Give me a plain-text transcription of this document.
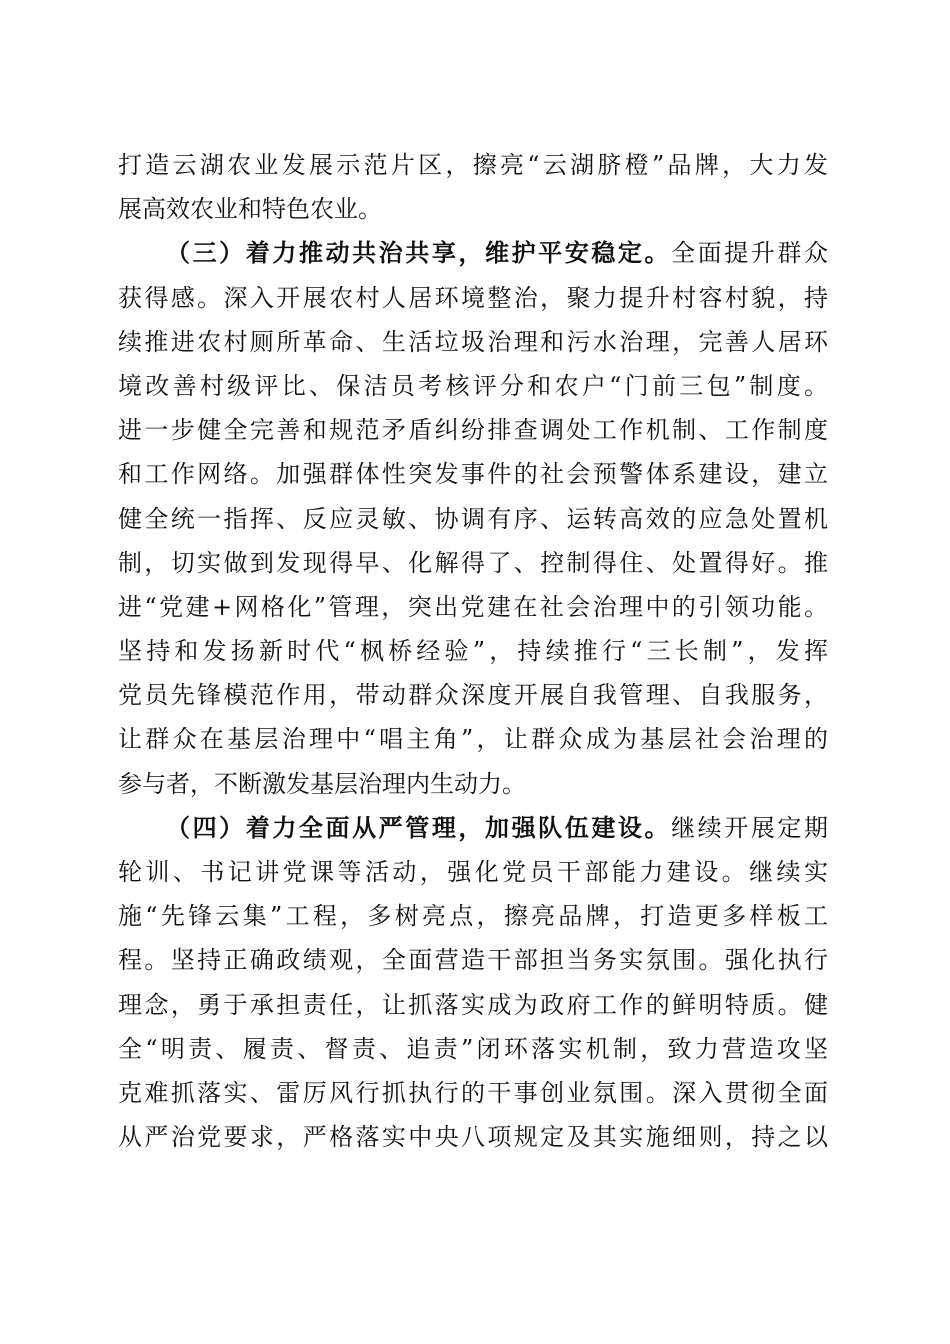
打造云湖农业发展示范片区，擦亮“云湖脐橙”品牌，大力发
展高效农业和特色农业。
（三）着力推动共治共享，维护平安稳定。全面提升群众
获得感。深入开展农村人居环境整治，聚力提升村容村貌，持
续推进农村厕所革命、生活垃圾治理和污水治理，完善人居环
境改善村级评比、保洁员考核评分和农户“门前三包”制度。
进一步健全完善和规范矛盾纠纷排查调处工作机制、工作制度
和工作网络。加强群体性突发事件的社会预警体系建设，建立
健全统一指挥、反应灵敏、协调有序、运转高效的应急处置机
制，切实做到发现得早、化解得了、控制得住、处置得好。推
进“党建+网格化”管理，突出党建在社会治理中的引领功能。
坚持和发扬新时代“枫桥经验”，持续推行“三长制”，发挥
党员先锋模范作用，带动群众深度开展自我管理、自我服务，
让群众在基层治理中“唱主角”，让群众成为基层社会治理的
参与者，不断激发基层治理内生动力。
（四）着力全面从严管理，加强队伍建设。继续开展定期
轮训、书记讲党课等活动，强化党员干部能力建设。继续实
施“先锋云集”工程，多树亮点，擦亮品牌，打造更多样板工
程。坚持正确政绩观，全面营造干部担当务实氛围。强化执行
理念，勇于承担责任，让抓落实成为政府工作的鲜明特质。健
全“明责、履责、督责、追责”闭环落实机制，致力营造攻坚
克难抓落实、雷厉风行抓执行的干事创业氛围。深入贯彻全面
从严治党要求，严格落实中央八项规定及其实施细则，持之以
